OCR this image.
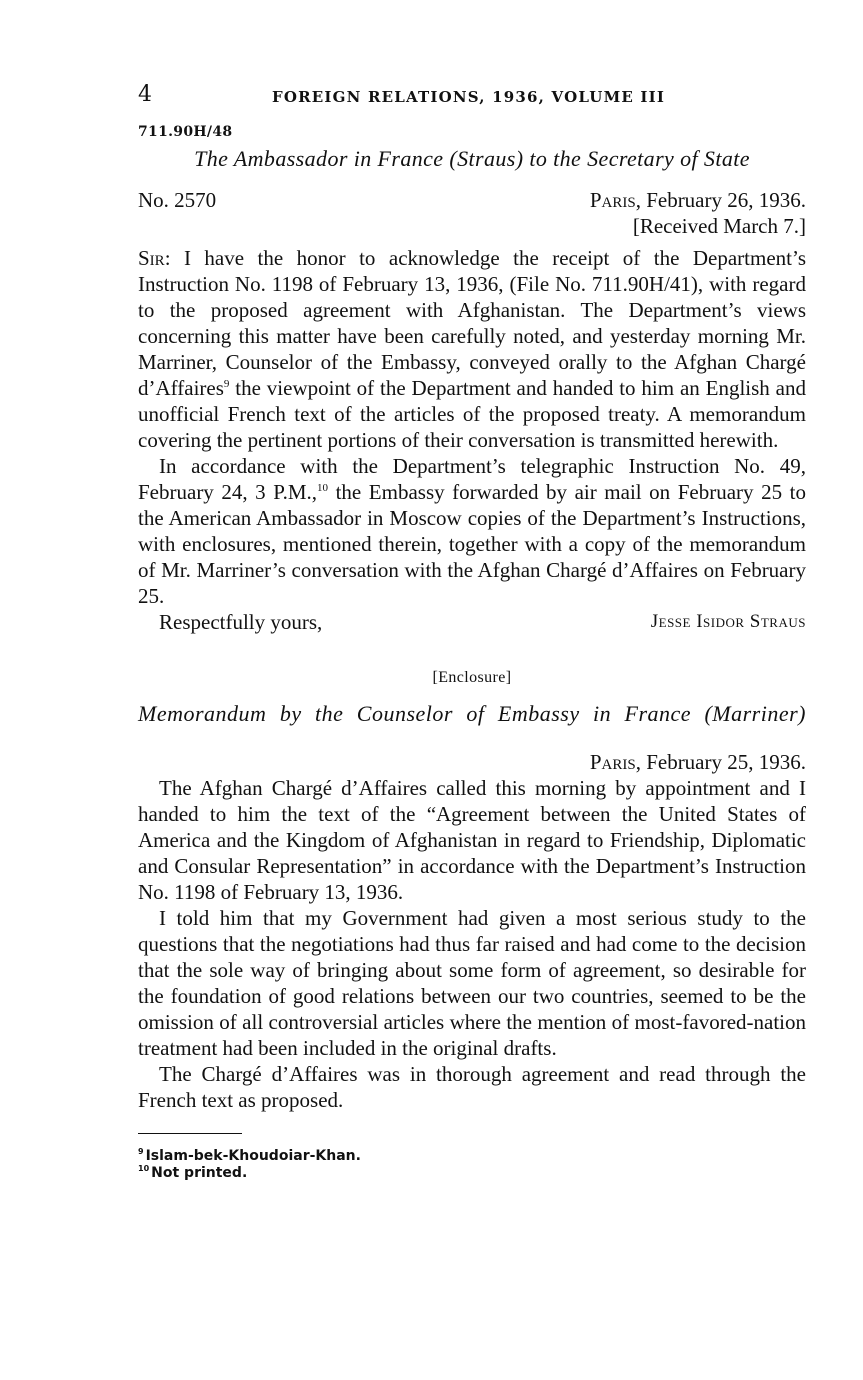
4	FOREIGN RELATIONS, 1936, VOLUME III
711.90H/48
The Ambassador in France (Straus) to the Secretary of State
No. 2570	Paris, February 26, 1936.
[Received March 7.]

Sir: I have the honor to acknowledge the receipt of the Department’s Instruction No. 1198 of February 13, 1936, (File No. 711.90H/41), with regard to the proposed agreement with Afghanistan. The Department’s views concerning this matter have been carefully noted, and yesterday morning Mr. Marriner, Counselor of the Embassy, conveyed orally to the Afghan Chargé d’Affaires$^9$ the viewpoint of the Department and handed to him an English and unofficial French text of the articles of the proposed treaty. A memorandum covering the pertinent portions of their conversation is transmitted herewith.

In accordance with the Department’s telegraphic Instruction No. 49, February 24, 3 P.M.,$^{10}$ the Embassy forwarded by air mail on February 25 to the American Ambassador in Moscow copies of the Department’s Instructions, with enclosures, mentioned therein, together with a copy of the memorandum of Mr. Marriner’s conversation with the Afghan Chargé d’Affaires on February 25.

Respectfully yours,	Jesse Isidor Straus
[Enclosure]
Memorandum by the Counselor of Embassy in France (Marriner)
Paris, February 25, 1936.

The Afghan Chargé d’Affaires called this morning by appointment and I handed to him the text of the “Agreement between the United States of America and the Kingdom of Afghanistan in regard to Friendship, Diplomatic and Consular Representation” in accordance with the Department’s Instruction No. 1198 of February 13, 1936.

I told him that my Government had given a most serious study to the questions that the negotiations had thus far raised and had come to the decision that the sole way of bringing about some form of agreement, so desirable for the foundation of good relations between our two countries, seemed to be the omission of all controversial articles where the mention of most-favored-nation treatment had been included in the original drafts.

The Chargé d’Affaires was in thorough agreement and read through the French text as proposed.

$^9$ Islam-bek-Khoudoiar-Khan.
$^{10}$ Not printed.
